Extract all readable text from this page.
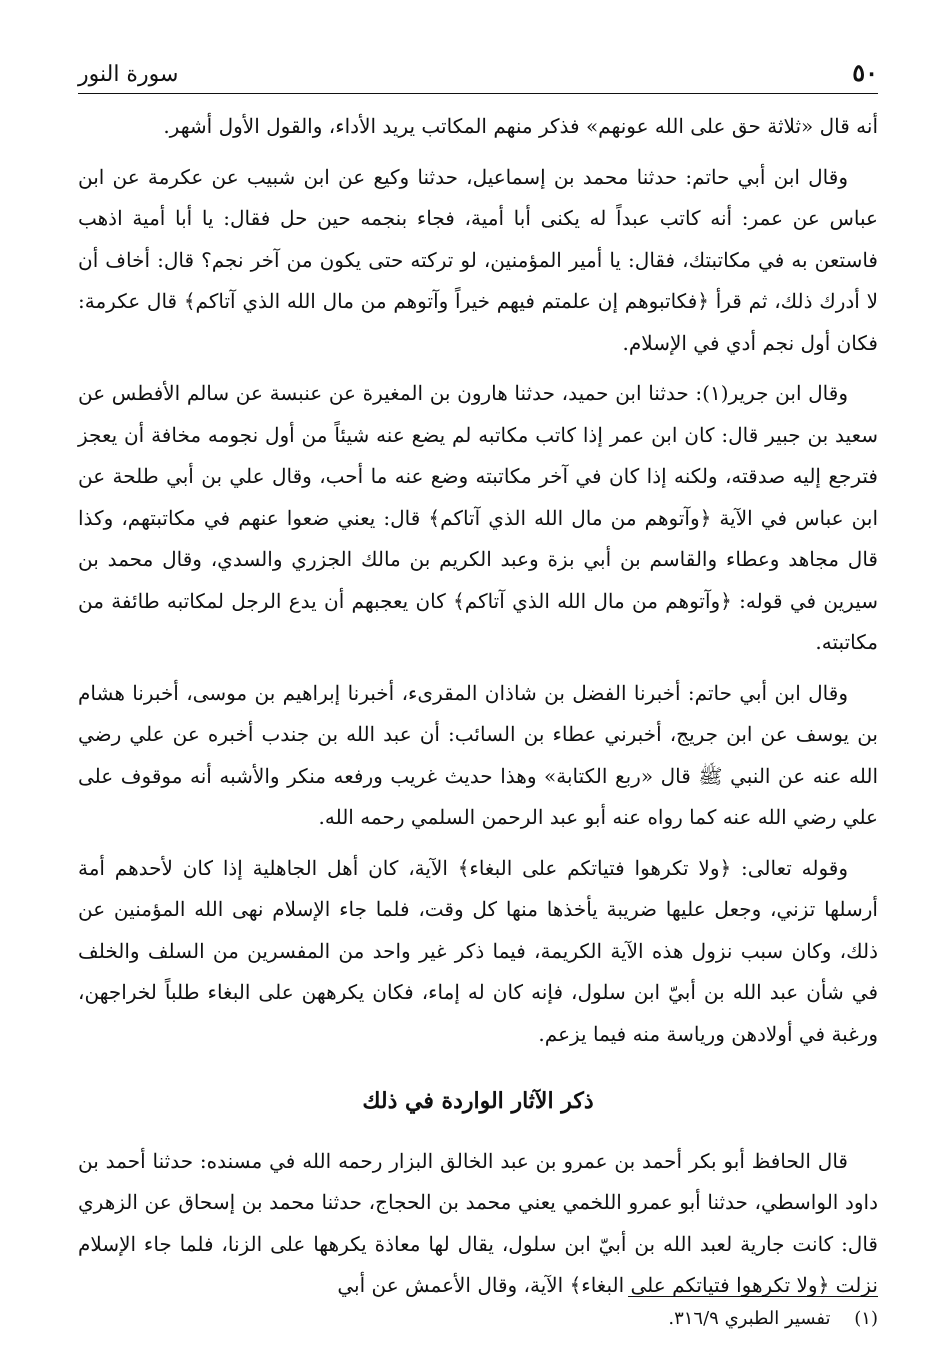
٥٠
سورة النور

أنه قال «ثلاثة حق على الله عونهم» فذكر منهم المكاتب يريد الأداء، والقول الأول أشهر.

وقال ابن أبي حاتم: حدثنا محمد بن إسماعيل، حدثنا وكيع عن ابن شبيب عن عكرمة عن ابن عباس عن عمر: أنه كاتب عبداً له يكنى أبا أمية، فجاء بنجمه حين حل فقال: يا أبا أمية اذهب فاستعن به في مكاتبتك، فقال: يا أمير المؤمنين، لو تركته حتى يكون من آخر نجم؟ قال: أخاف أن لا أدرك ذلك، ثم قرأ ﴿فكاتبوهم إن علمتم فيهم خيراً وآتوهم من مال الله الذي آتاكم﴾ قال عكرمة: فكان أول نجم أدي في الإسلام.

وقال ابن جرير(١): حدثنا ابن حميد، حدثنا هارون بن المغيرة عن عنبسة عن سالم الأفطس عن سعيد بن جبير قال: كان ابن عمر إذا كاتب مكاتبه لم يضع عنه شيئاً من أول نجومه مخافة أن يعجز فترجع إليه صدقته، ولكنه إذا كان في آخر مكاتبته وضع عنه ما أحب، وقال علي بن أبي طلحة عن ابن عباس في الآية ﴿وآتوهم من مال الله الذي آتاكم﴾ قال: يعني ضعوا عنهم في مكاتبتهم، وكذا قال مجاهد وعطاء والقاسم بن أبي بزة وعبد الكريم بن مالك الجزري والسدي، وقال محمد بن سيرين في قوله: ﴿وآتوهم من مال الله الذي آتاكم﴾ كان يعجبهم أن يدع الرجل لمكاتبه طائفة من مكاتبته.

وقال ابن أبي حاتم: أخبرنا الفضل بن شاذان المقرىء، أخبرنا إبراهيم بن موسى، أخبرنا هشام بن يوسف عن ابن جريج، أخبرني عطاء بن السائب: أن عبد الله بن جندب أخبره عن علي رضي الله عنه عن النبي ﷺ قال «ربع الكتابة» وهذا حديث غريب ورفعه منكر والأشبه أنه موقوف على علي رضي الله عنه كما رواه عنه أبو عبد الرحمن السلمي رحمه الله.

وقوله تعالى: ﴿ولا تكرهوا فتياتكم على البغاء﴾ الآية، كان أهل الجاهلية إذا كان لأحدهم أمة أرسلها تزني، وجعل عليها ضريبة يأخذها منها كل وقت، فلما جاء الإسلام نهى الله المؤمنين عن ذلك، وكان سبب نزول هذه الآية الكريمة، فيما ذكر غير واحد من المفسرين من السلف والخلف في شأن عبد الله بن أبيّ ابن سلول، فإنه كان له إماء، فكان يكرههن على البغاء طلباً لخراجهن، ورغبة في أولادهن ورياسة منه فيما يزعم.

ذكر الآثار الواردة في ذلك

قال الحافظ أبو بكر أحمد بن عمرو بن عبد الخالق البزار رحمه الله في مسنده: حدثنا أحمد بن داود الواسطي، حدثنا أبو عمرو اللخمي يعني محمد بن الحجاج، حدثنا محمد بن إسحاق عن الزهري قال: كانت جارية لعبد الله بن أبيّ ابن سلول، يقال لها معاذة يكرهها على الزنا، فلما جاء الإسلام نزلت ﴿ولا تكرهوا فتياتكم على البغاء﴾ الآية، وقال الأعمش عن أبي

(١) تفسير الطبري ٣١٦/٩.
